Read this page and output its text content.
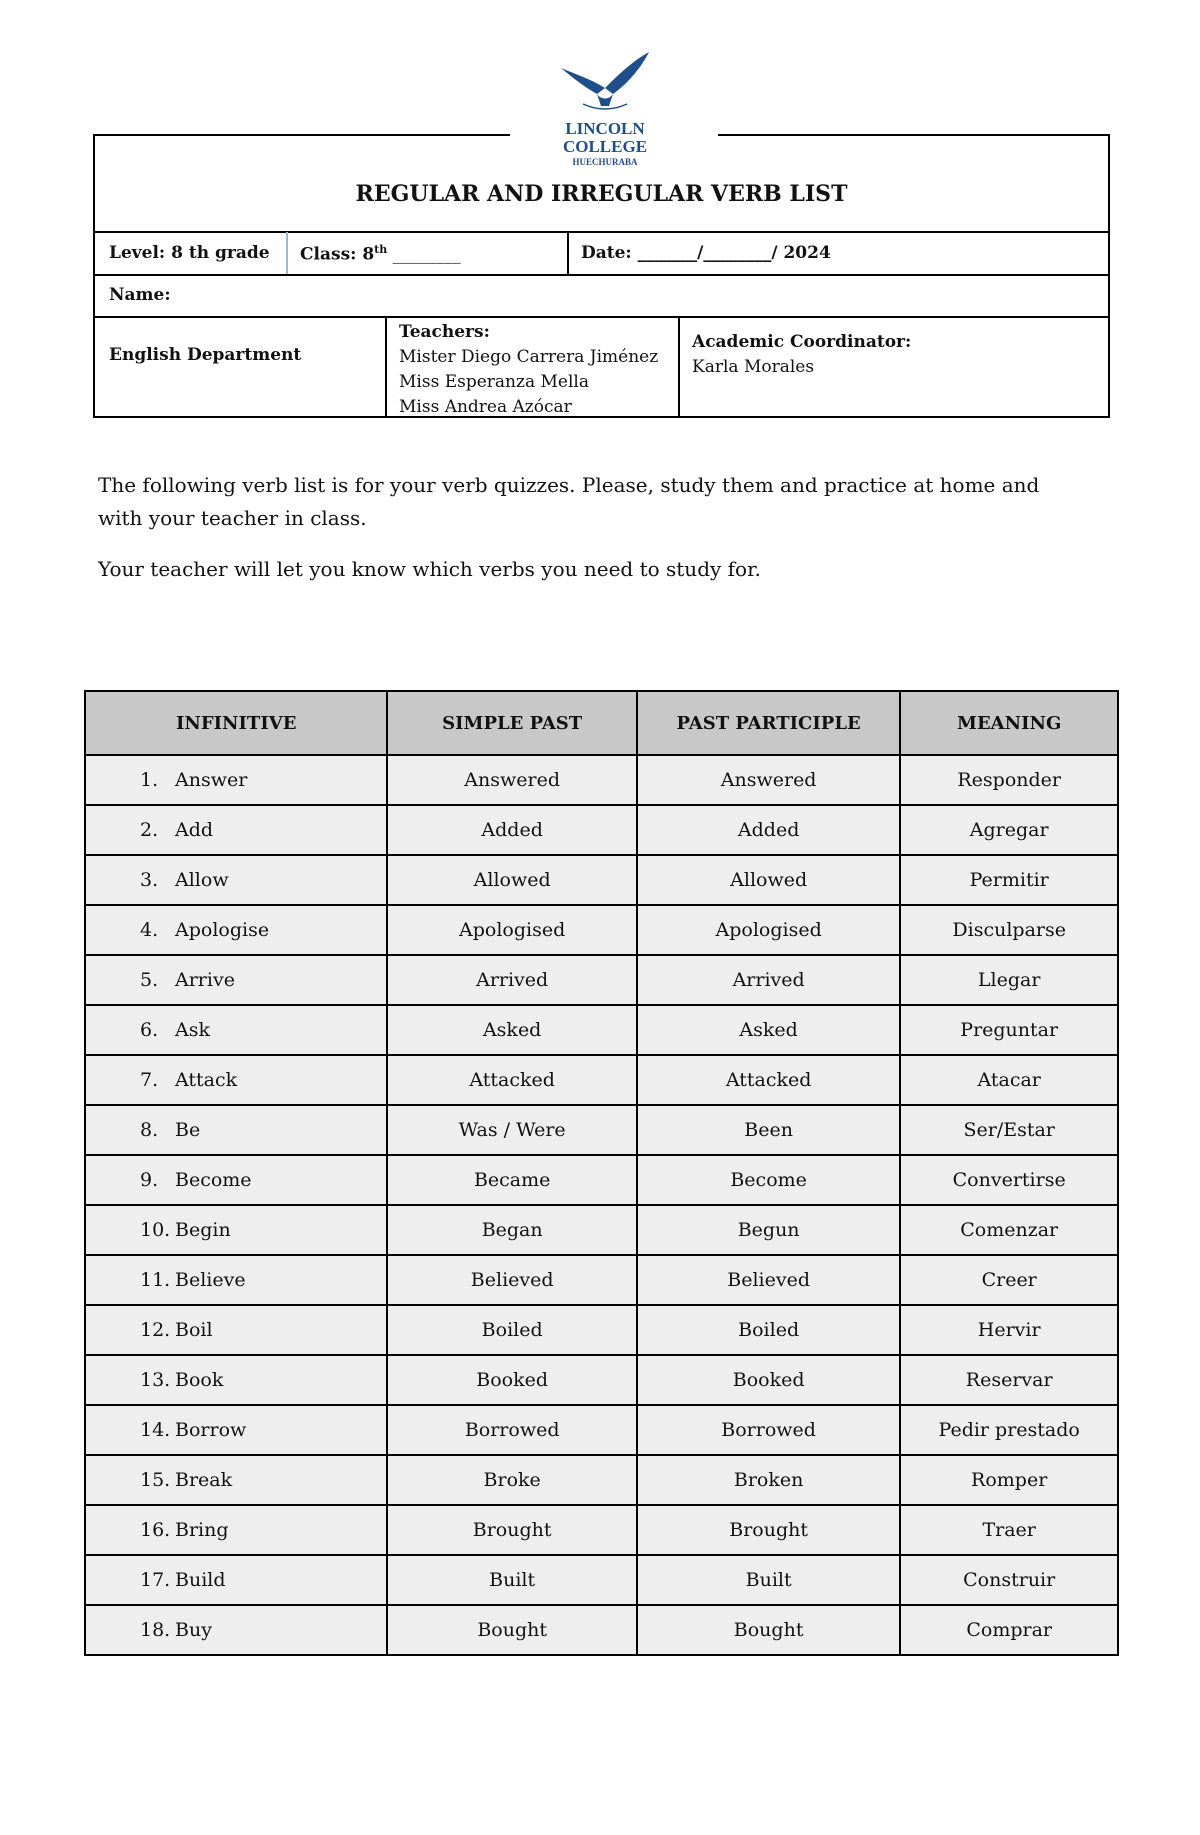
LINCOLN
COLLEGE
HUECHURABA
REGULAR AND IRREGULAR VERB LIST
Level: 8 th grade Class: 8th ________	Date: _______/________/ 2024
Name:
English Department
Teachers:
Mister Diego Carrera Jiménez
Miss Esperanza Mella
Miss Andrea Azócar
Academic Coordinator:
Karla Morales
The following verb list is for your verb quizzes. Please, study them and practice at home and with your teacher in class.
Your teacher will let you know which verbs you need to study for.
INFINITIVE	SIMPLE PAST	PAST PARTICIPLE	MEANING
1. Answer	Answered	Answered	Responder
2. Add	Added	Added	Agregar
3. Allow	Allowed	Allowed	Permitir
4. Apologise	Apologised	Apologised	Disculparse
5. Arrive	Arrived	Arrived	Llegar
6. Ask	Asked	Asked	Preguntar
7. Attack	Attacked	Attacked	Atacar
8. Be	Was / Were	Been	Ser/Estar
9. Become	Became	Become	Convertirse
10. Begin	Began	Begun	Comenzar
11. Believe	Believed	Believed	Creer
12. Boil	Boiled	Boiled	Hervir
13. Book	Booked	Booked	Reservar
14. Borrow	Borrowed	Borrowed	Pedir prestado
15. Break	Broke	Broken	Romper
16. Bring	Brought	Brought	Traer
17. Build	Built	Built	Construir
18. Buy	Bought	Bought	Comprar
